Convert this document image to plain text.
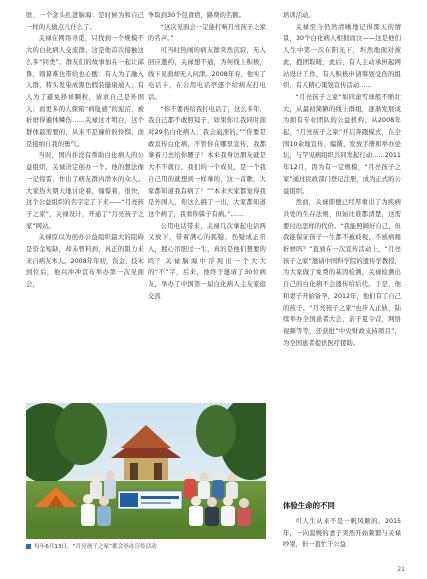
肤、一个念头扎进脑海：是时候为和自己一样的人做点儿什么了。

关禄在网络寻觅，只找到一个规模不大的白化病人交流群，这是他首次接触这么多“同类”。群友们的故事加在一起让邱鲁，则算难也带给也心酸：有人为了融入人群，特头发染成黑色假装健康通人；有人为了避免择祥颗粒，请求自己是外国人；而更多的人探陷“病耻感”的泥沼，被折磨得遍体鳞伤……关禄这才明白，这个群体最需要的，从来不是廉价的怜悯，而是接纳自我的勇气。

当时，国内并没有帮助白化病人的公益组织，关禄决定创办一个。他的想法像一记惊雷，作出了病友群内潜水的众人。大家热火朝天地讨论着，憧憬着，很快，这个公益组织的名字定了下来——“月亮孩子之家”，关禄设计，开通了“月亮孩子之家”网站。

关禄原以为创办公益组织最大的阻碍是资金短缺，却未曾料到，真正的阻力来来自病友本人。2008年年初，资金、技术到位后，他兴冲冲宣布举办第一次见面会，

争取到30个包食宿，路费的名额。

“这次见面会一定能打响月亮孩子之家的名声。”

可当时热闹的病友群突然沉寂，无人回应邀约，关禄想不通，为何线上积极，线下见面却无人问津。2008年春，他实了电话卡，在公用电话亭逐个给病友打电话。

“你不要再给我打电话了，这么多年，我自己都不敢照镜子，如果你让我同时面对29名白化病人，我会崩溃的。”“你要是敢宣传白化病，不管你在哪里宣传，我都拿着刀去给你腰子！本来我身边朋友就是大不不就行，我们的一个成员，是一个我自己用的就想到一样拿的，这一首歌，大家都知道我有病了！”“本来大家都觉得我是外国人，你这么搞了一出，大家都知道这个病了，我看你躲子有病。”……

公用电话带来，关禄几次拿起电话两又放下，带着满心的狐疑，伤疑成正常人，握心吊胆过一生，真的是他们想要的吗？关禄脑海中浮现出一个大大的“不”字，后来，他终于邀请了30位病友，举办了中国第一届白化病人主友家庭交流

培训活动。

关禄至今仍然清晰地记得那天的情景，30个白化病人相拥而泣——这是他们人生中第一次在阳光下，坦然地面对彼此，抱团取暖，此后，有人主动承担起网站设计工作，有人积极申请筹划受伤的组织，有人精心策划宣传活动……

“月亮孩子之家”如同滚雪球般不断壮大，从最初简陋的线上群组，逐渐发展成为拥有专业团队的公益机构，从2008年起，“月亮孩子之家”开启奔跑模式，在全国10余地宣传、编撰、发放手册和举办论坛，与罕见病组织共同发起行动……2011年12月，因为有一定规模，“月亮孩子之家”通过民政部门登记注册，成为正式的公益组织。

然而，关禄即便已经厚重出了为疾病共处的生存法则，但始比谁都清楚，这需要付出怎样的代价。“我能照顾好自己，但我能保证孩子一生都不被歧视，不被病痛折磨吗？”直到在一次宣传活动上，“月亮孩子之家”邀请中国科学院的遗传学教授，为大家做了免费的基因检测，关禄检测出自己的白化病不会遗传给后代。于是，他和妻子开始备孕，2012年，他们有了自己的孩子。“月亮孩子之家”也步入正轨，陆续举办全国患者大会，亲子夏令营，网络视频等等，还获批“中央财政支持项目”，为全国患者提供医疗援助。

每年6月13日，“月亮孩子之家”都会举办宣传活动
体验生命的不同

可人生从来不是一帆风顺的。2015年，一向温婉的妻子突然开始频繁与关禄吵架，但一直忙于公益

21
